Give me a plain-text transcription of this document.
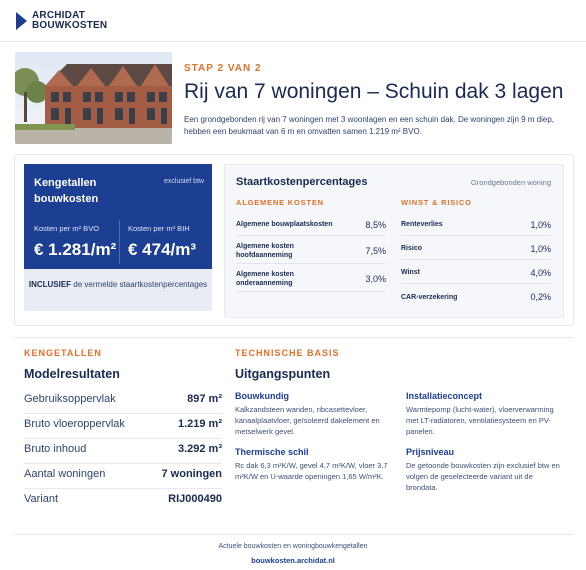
ARCHIDAT
BOUWKOSTEN
STAP 2 VAN 2
Rij van 7 woningen – Schuin dak 3 lagen
Een grondgebonden rij van 7 woningen met 3 woonlagen en een schuin dak. De woningen zijn 9 m diep, hebben een beukmaat van 6 m en omvatten samen 1.219 m² BVO.
Kengetallen bouwkosten
exclusief btw
Kosten per m² BVO
€ 1.281/m²
Kosten per m³ BIH
€ 474/m³
INCLUSIEF de vermelde staartkostenpercentages
Staartkostenpercentages	Grondgebonden woning
ALGEMENE KOSTEN	WINST & RISICO
Algemene bouwplaatskosten	8,5%
Algemene kosten hoofdaanneming	7,5%
Algemene kosten onderaanneming	3,0%
Renteverlies	1,0%
Risico	1,0%
Winst	4,0%
CAR-verzekering	0,2%
KENGETALLEN
Modelresultaten
Gebruiksoppervlak	897 m²
Bruto vloeroppervlak	1.219 m²
Bruto inhoud	3.292 m³
Aantal woningen	7 woningen
Variant	RIJ000490
TECHNISCHE BASIS
Uitgangspunten
Bouwkundig
Kalkzandsteen wanden, ribcasettevloer, kanaalplaatvloer, geïsoleerd dakelement en metselwerk gevel.
Installatieconcept
Warmtepomp (lucht-water), vloerverwarming met LT-radiatoren, ventilatiesysteem en PV-panelen.
Thermische schil
Rc dak 6,3 m²K/W, gevel 4,7 m²K/W, vloer 3,7 m²K/W en U-waarde openingen 1,65 W/m²K.
Prijsniveau
De getoonde bouwkosten zijn exclusief btw en volgen de geselecteerde variant uit de brondata.
Actuele bouwkosten en woningbouwkengetallen
bouwkosten.archidat.nl
